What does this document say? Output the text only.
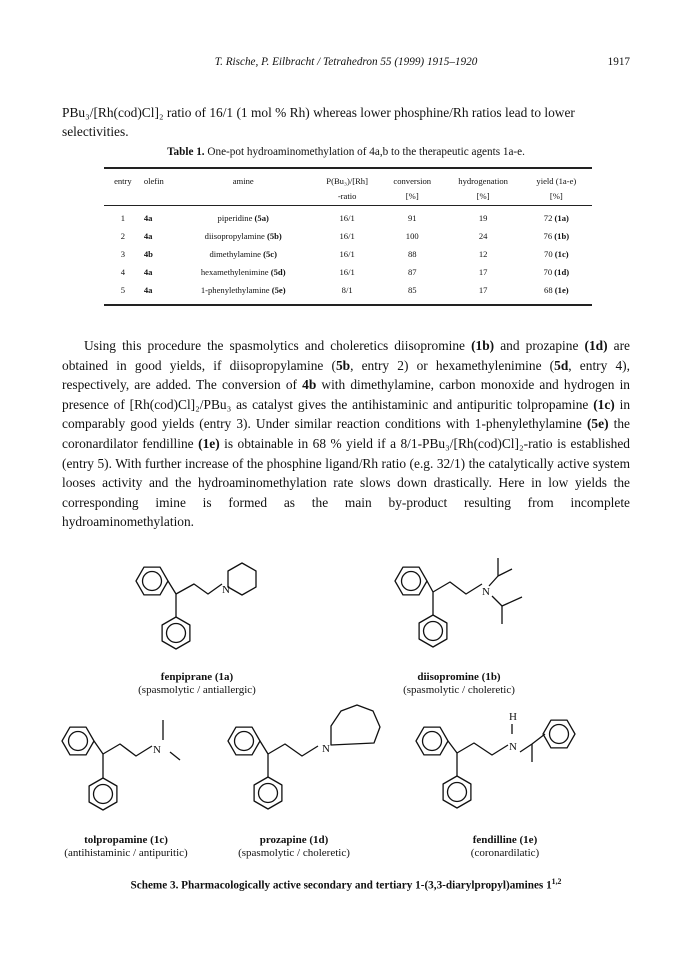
T. Rische, P. Eilbracht / Tetrahedron 55 (1999) 1915–1920	1917
PBu₃/[Rh(cod)Cl]₂ ratio of 16/1 (1 mol % Rh) whereas lower phosphine/Rh ratios lead to lower selectivities.
Table 1. One-pot hydroaminomethylation of 4a,b to the therapeutic agents 1a-e.
entry	olefin	amine	P(Bu₃)/[Rh]	conversion	hydrogenation	yield (1a-e)
			-ratio	[%]	[%]	[%]
1	4a	piperidine (5a)	16/1	91	19	72 (1a)
2	4a	diisopropylamine (5b)	16/1	100	24	76 (1b)
3	4b	dimethylamine (5c)	16/1	88	12	70 (1c)
4	4a	hexamethylenimine (5d)	16/1	87	17	70 (1d)
5	4a	1-phenylethylamine (5e)	8/1	85	17	68 (1e)
Using this procedure the spasmolytics and choleretics diisopromine (1b) and prozapine (1d) are obtained in good yields, if diisopropylamine (5b, entry 2) or hexamethylenimine (5d, entry 4), respectively, are added. The conversion of 4b with dimethylamine, carbon monoxide and hydrogen in presence of [Rh(cod)Cl]₂/PBu₃ as catalyst gives the antihistaminic and antipuritic tolpropamine (1c) in comparably good yields (entry 3). Under similar reaction conditions with 1-phenylethylamine (5e) the coronardilator fendilline (1e) is obtainable in 68 % yield if a 8/1-PBu₃/[Rh(cod)Cl]₂-ratio is established (entry 5). With further increase of the phosphine ligand/Rh ratio (e.g. 32/1) the catalytically active system looses activity and the hydroaminomethylation rate slows down drastically. Here in low yields the corresponding imine is formed as the main by-product resulting from incomplete hydroaminomethylation.
N	N
N	N
H
N
fenpiprane (1a)
(spasmolytic / antiallergic)
diisopromine (1b)
(spasmolytic / choleretic)
tolpropamine (1c)
(antihistaminic / antipuritic)
prozapine (1d)
(spasmolytic / choleretic)
fendilline (1e)
(coronardilatic)
Scheme 3. Pharmacologically active secondary and tertiary 1-(3,3-diarylpropyl)amines 1$^{1,2}$
